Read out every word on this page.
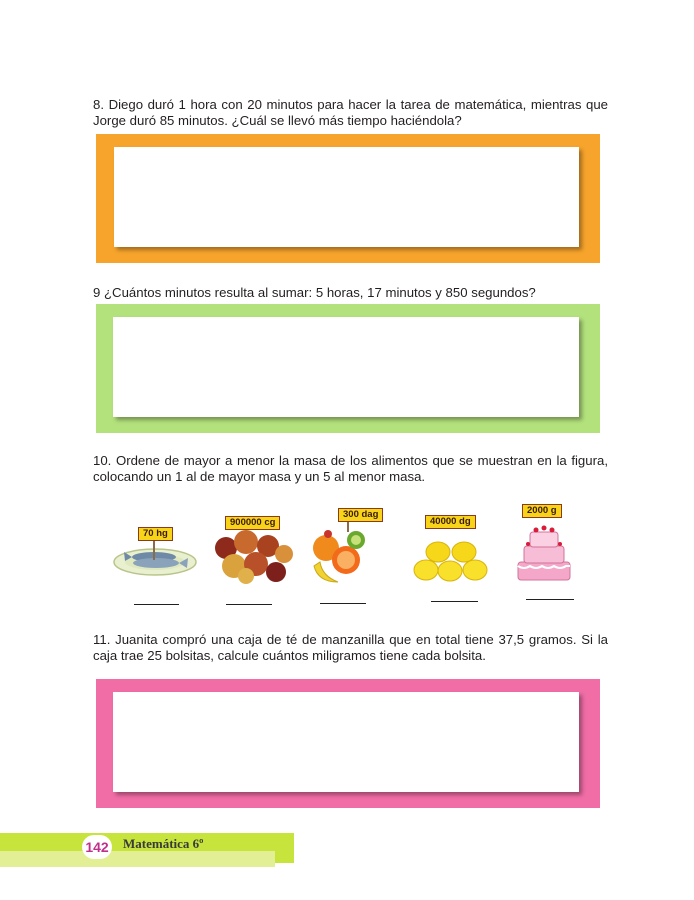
8. Diego duró 1 hora con 20 minutos para hacer la tarea de matemática, mientras que Jorge duró 85 minutos. ¿Cuál se llevó más tiempo haciéndola?
9 ¿Cuántos minutos resulta al sumar: 5 horas, 17 minutos y 850 segundos?
10. Ordene de mayor a menor la masa de los alimentos que se muestran en la figura, colocando un 1 al de mayor masa y un 5 al menor masa.
70 hg
900000 cg
300 dag
40000 dg
2000 g
11. Juanita compró una caja de té de manzanilla que en total tiene 37,5 gramos. Si la caja trae 25 bolsitas, calcule cuántos miligramos tiene cada bolsita.
142 Matemática 6º
